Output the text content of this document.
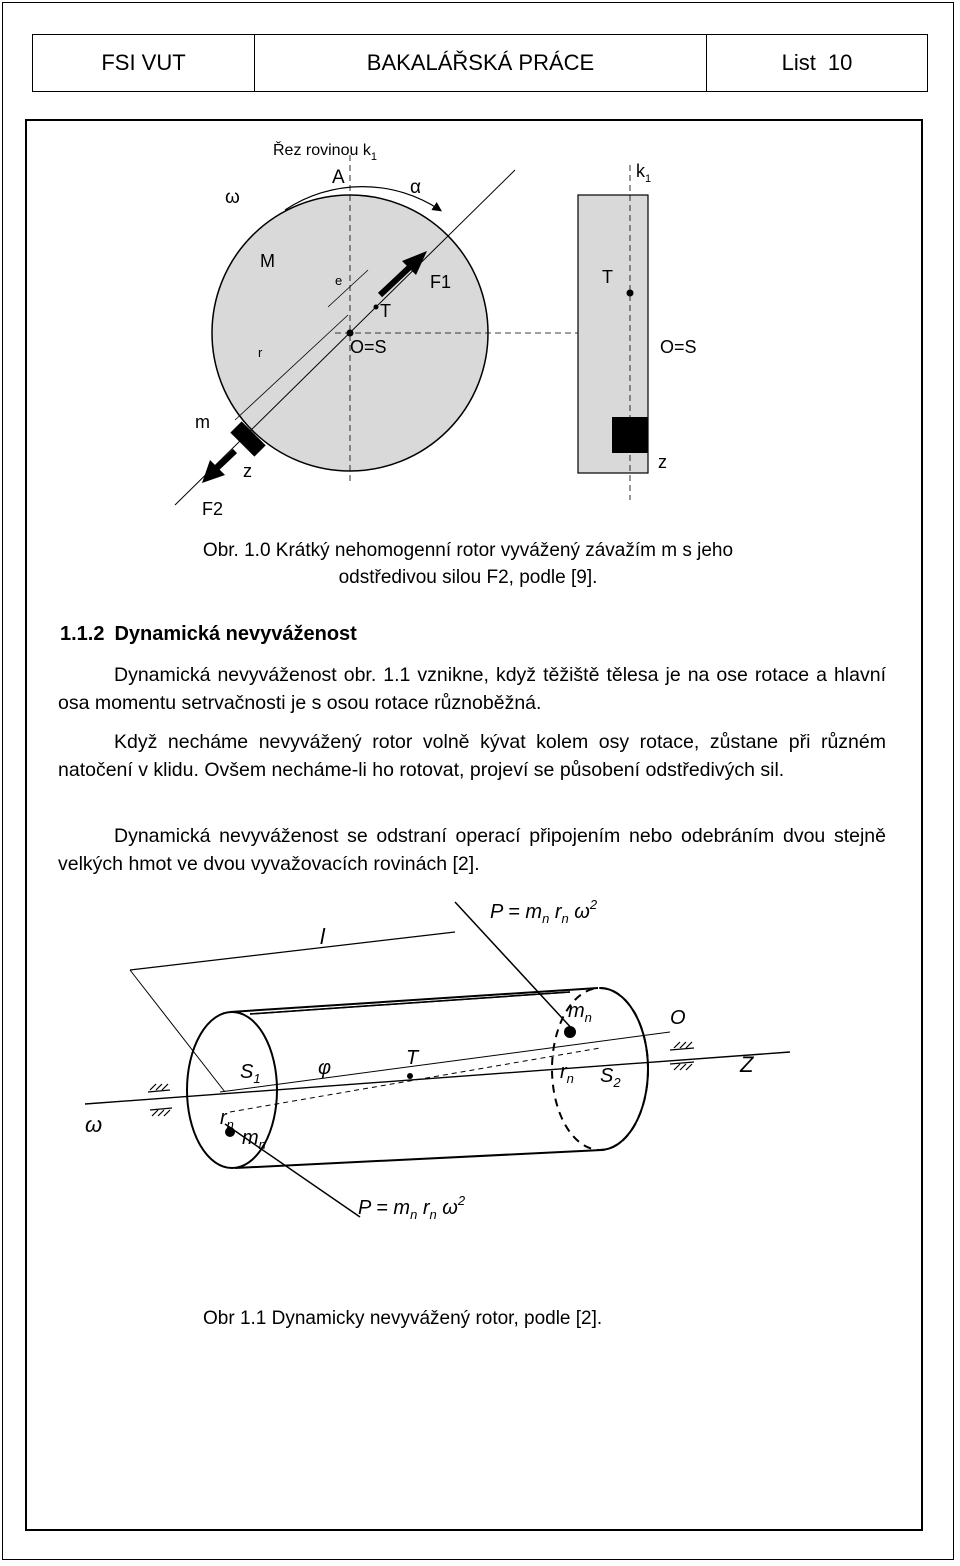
FSI VUT	BAKALÁŘSKÁ PRÁCE	List 10
Řez rovinou $k_1$
ω
A	α
M
e	F1
T
r	O=S
m
z
F2
$k_1$
T
O=S
z
Obr. 1.0 Krátký nehomogenní rotor vyvážený závažím m s jeho
odstředivou silou F2, podle [9].
1.1.2 Dynamická nevyváženost

Dynamická nevyváženost obr. 1.1 vznikne, když těžiště tělesa je na ose rotace a hlavní osa momentu setrvačnosti je s osou rotace různoběžná.

Když necháme nevyvážený rotor volně kývat kolem osy rotace, zůstane při různém natočení v klidu. Ovšem necháme-li ho rotovat, projeví se působení odstředivých sil.

Dynamická nevyváženost se odstraní operací připojením nebo odebráním dvou stejně velkých hmot ve dvou vyvažovacích rovinách [2].

$P = m_n$ $r_n$ $\omega^2$
l
$m_n$	O
$S_1$	φ	T
$r_n$ $S_2$
Z
ω	$r_n$
$m_n$
$P = m_n$ $r_n$ $\omega^2$
Obr 1.1 Dynamicky nevyvážený rotor, podle [2].
